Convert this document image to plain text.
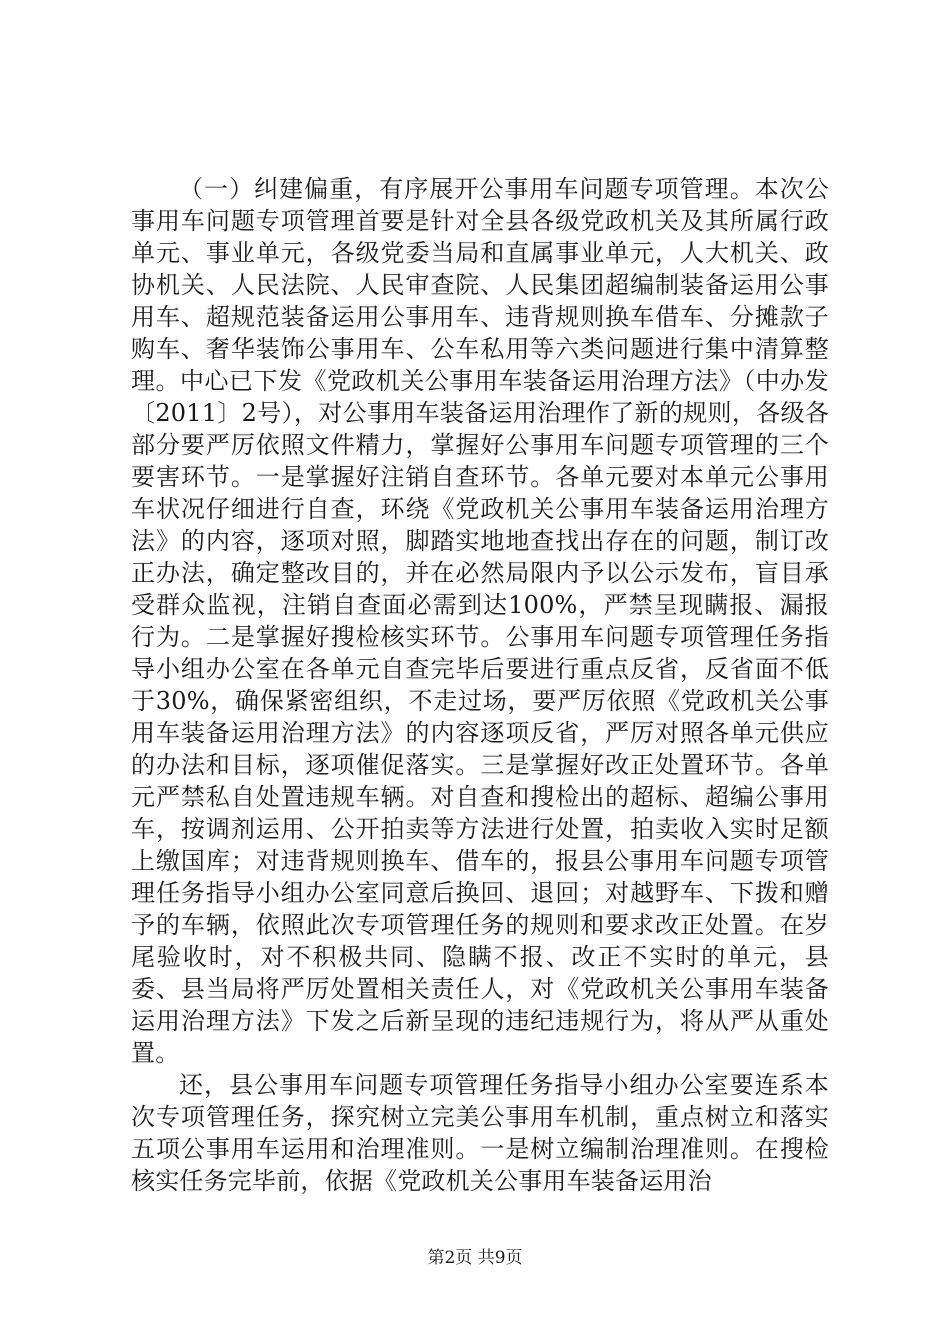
（一）纠建偏重，有序展开公事用车问题专项管理。本次公事用车问题专项管理首要是针对全县各级党政机关及其所属行政单元、事业单元，各级党委当局和直属事业单元，人大机关、政协机关、人民法院、人民审查院、人民集团超编制装备运用公事用车、超规范装备运用公事用车、违背规则换车借车、分摊款子购车、奢华装饰公事用车、公车私用等六类问题进行集中清算整理。中心已下发《党政机关公事用车装备运用治理方法》（中办发〔2011〕2号），对公事用车装备运用治理作了新的规则，各级各部分要严厉依照文件精力，掌握好公事用车问题专项管理的三个要害环节。一是掌握好注销自查环节。各单元要对本单元公事用车状况仔细进行自查，环绕《党政机关公事用车装备运用治理方法》的内容，逐项对照，脚踏实地地查找出存在的问题，制订改正办法，确定整改目的，并在必然局限内予以公示发布，盲目承受群众监视，注销自查面必需到达100%，严禁呈现瞒报、漏报行为。二是掌握好搜检核实环节。公事用车问题专项管理任务指导小组办公室在各单元自查完毕后要进行重点反省，反省面不低于30%，确保紧密组织，不走过场，要严厉依照《党政机关公事用车装备运用治理方法》的内容逐项反省，严厉对照各单元供应的办法和目标，逐项催促落实。三是掌握好改正处置环节。各单元严禁私自处置违规车辆。对自查和搜检出的超标、超编公事用车，按调剂运用、公开拍卖等方法进行处置，拍卖收入实时足额上缴国库；对违背规则换车、借车的，报县公事用车问题专项管理任务指导小组办公室同意后换回、退回；对越野车、下拨和赠予的车辆，依照此次专项管理任务的规则和要求改正处置。在岁尾验收时，对不积极共同、隐瞒不报、改正不实时的单元，县委、县当局将严厉处置相关责任人，对《党政机关公事用车装备运用治理方法》下发之后新呈现的违纪违规行为，将从严从重处置。

还，县公事用车问题专项管理任务指导小组办公室要连系本次专项管理任务，探究树立完美公事用车机制，重点树立和落实五项公事用车运用和治理准则。一是树立编制治理准则。在搜检核实任务完毕前，依据《党政机关公事用车装备运用治

第2页 共9页
